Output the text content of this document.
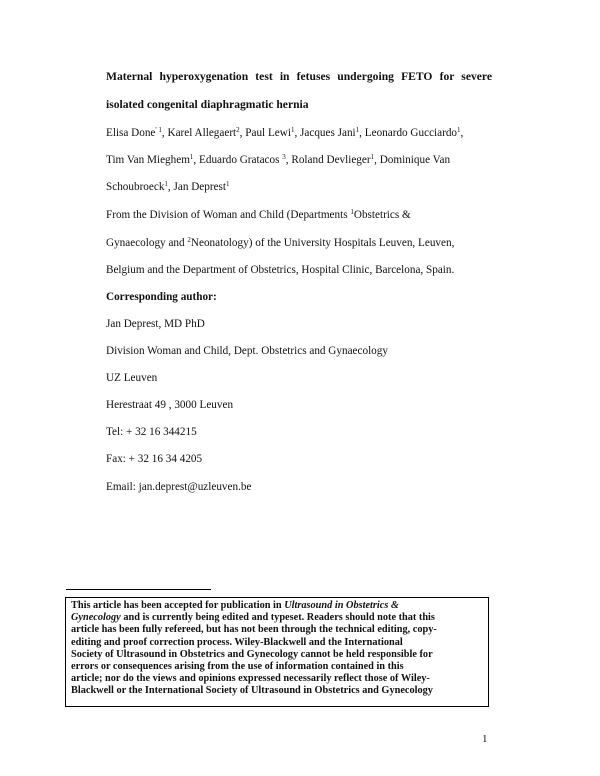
Maternal hyperoxygenation test in fetuses undergoing FETO for severe
isolated congenital diaphragmatic hernia
Elisa Done$^{' 1}$, Karel Allegaert$^2$, Paul Lewi$^1$, Jacques Jani$^1$, Leonardo Gucciardo$^1$,
Tim Van Mieghem$^1$, Eduardo Gratacos $^3$, Roland Devlieger$^1$, Dominique Van
Schoubroeck$^1$, Jan Deprest$^1$
From the Division of Woman and Child (Departments $^1$Obstetrics &
Gynaecology and $^2$Neonatology) of the University Hospitals Leuven, Leuven,
Belgium and the Department of Obstetrics, Hospital Clinic, Barcelona, Spain.
Corresponding author:
Jan Deprest, MD PhD
Division Woman and Child, Dept. Obstetrics and Gynaecology
UZ Leuven
Herestraat 49 , 3000 Leuven
Tel: + 32 16 344215
Fax: + 32 16 34 4205
Email: jan.deprest@uzleuven.be
This article has been accepted for publication in Ultrasound in Obstetrics &
Gynecology and is currently being edited and typeset. Readers should note that this
article has been fully refereed, but has not been through the technical editing, copy-
editing and proof correction process. Wiley-Blackwell and the International
Society of Ultrasound in Obstetrics and Gynecology cannot be held responsible for
errors or consequences arising from the use of information contained in this
article; nor do the views and opinions expressed necessarily reflect those of Wiley-
Blackwell or the International Society of Ultrasound in Obstetrics and Gynecology
1
